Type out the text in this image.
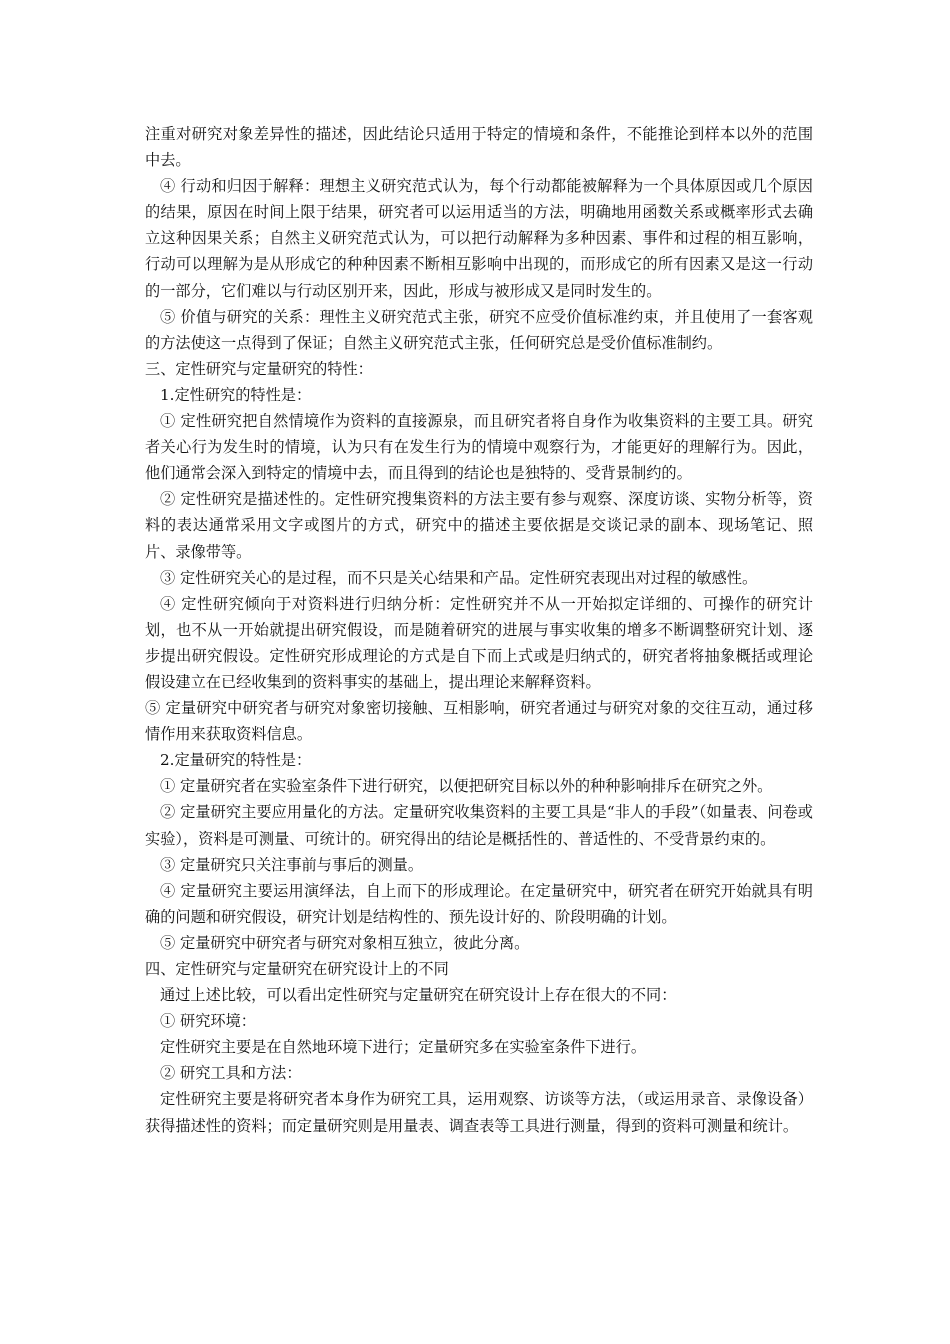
注重对研究对象差异性的描述，因此结论只适用于特定的情境和条件，不能推论到样本以外的范围中去。

④ 行动和归因于解释：理想主义研究范式认为，每个行动都能被解释为一个具体原因或几个原因的结果，原因在时间上限于结果，研究者可以运用适当的方法，明确地用函数关系或概率形式去确立这种因果关系；自然主义研究范式认为，可以把行动解释为多种因素、事件和过程的相互影响，行动可以理解为是从形成它的种种因素不断相互影响中出现的，而形成它的所有因素又是这一行动的一部分，它们难以与行动区别开来，因此，形成与被形成又是同时发生的。

⑤ 价值与研究的关系：理性主义研究范式主张，研究不应受价值标准约束，并且使用了一套客观的方法使这一点得到了保证；自然主义研究范式主张，任何研究总是受价值标准制约。

三、定性研究与定量研究的特性：

1.定性研究的特性是：

① 定性研究把自然情境作为资料的直接源泉，而且研究者将自身作为收集资料的主要工具。研究者关心行为发生时的情境，认为只有在发生行为的情境中观察行为，才能更好的理解行为。因此，他们通常会深入到特定的情境中去，而且得到的结论也是独特的、受背景制约的。

② 定性研究是描述性的。定性研究搜集资料的方法主要有参与观察、深度访谈、实物分析等，资料的表达通常采用文字或图片的方式，研究中的描述主要依据是交谈记录的副本、现场笔记、照片、录像带等。

③ 定性研究关心的是过程，而不只是关心结果和产品。定性研究表现出对过程的敏感性。

④ 定性研究倾向于对资料进行归纳分析：定性研究并不从一开始拟定详细的、可操作的研究计划，也不从一开始就提出研究假设，而是随着研究的进展与事实收集的增多不断调整研究计划、逐步提出研究假设。定性研究形成理论的方式是自下而上式或是归纳式的，研究者将抽象概括或理论假设建立在已经收集到的资料事实的基础上，提出理论来解释资料。

⑤ 定量研究中研究者与研究对象密切接触、互相影响，研究者通过与研究对象的交往互动，通过移情作用来获取资料信息。

2.定量研究的特性是：

① 定量研究者在实验室条件下进行研究，以便把研究目标以外的种种影响排斥在研究之外。

② 定量研究主要应用量化的方法。定量研究收集资料的主要工具是“非人的手段”（如量表、问卷或实验），资料是可测量、可统计的。研究得出的结论是概括性的、普适性的、不受背景约束的。

③ 定量研究只关注事前与事后的测量。

④ 定量研究主要运用演绎法，自上而下的形成理论。在定量研究中，研究者在研究开始就具有明确的问题和研究假设，研究计划是结构性的、预先设计好的、阶段明确的计划。

⑤ 定量研究中研究者与研究对象相互独立，彼此分离。

四、定性研究与定量研究在研究设计上的不同

通过上述比较，可以看出定性研究与定量研究在研究设计上存在很大的不同：

① 研究环境：

定性研究主要是在自然地环境下进行；定量研究多在实验室条件下进行。

② 研究工具和方法：

定性研究主要是将研究者本身作为研究工具，运用观察、访谈等方法，（或运用录音、录像设备）获得描述性的资料；而定量研究则是用量表、调查表等工具进行测量，得到的资料可测量和统计。
